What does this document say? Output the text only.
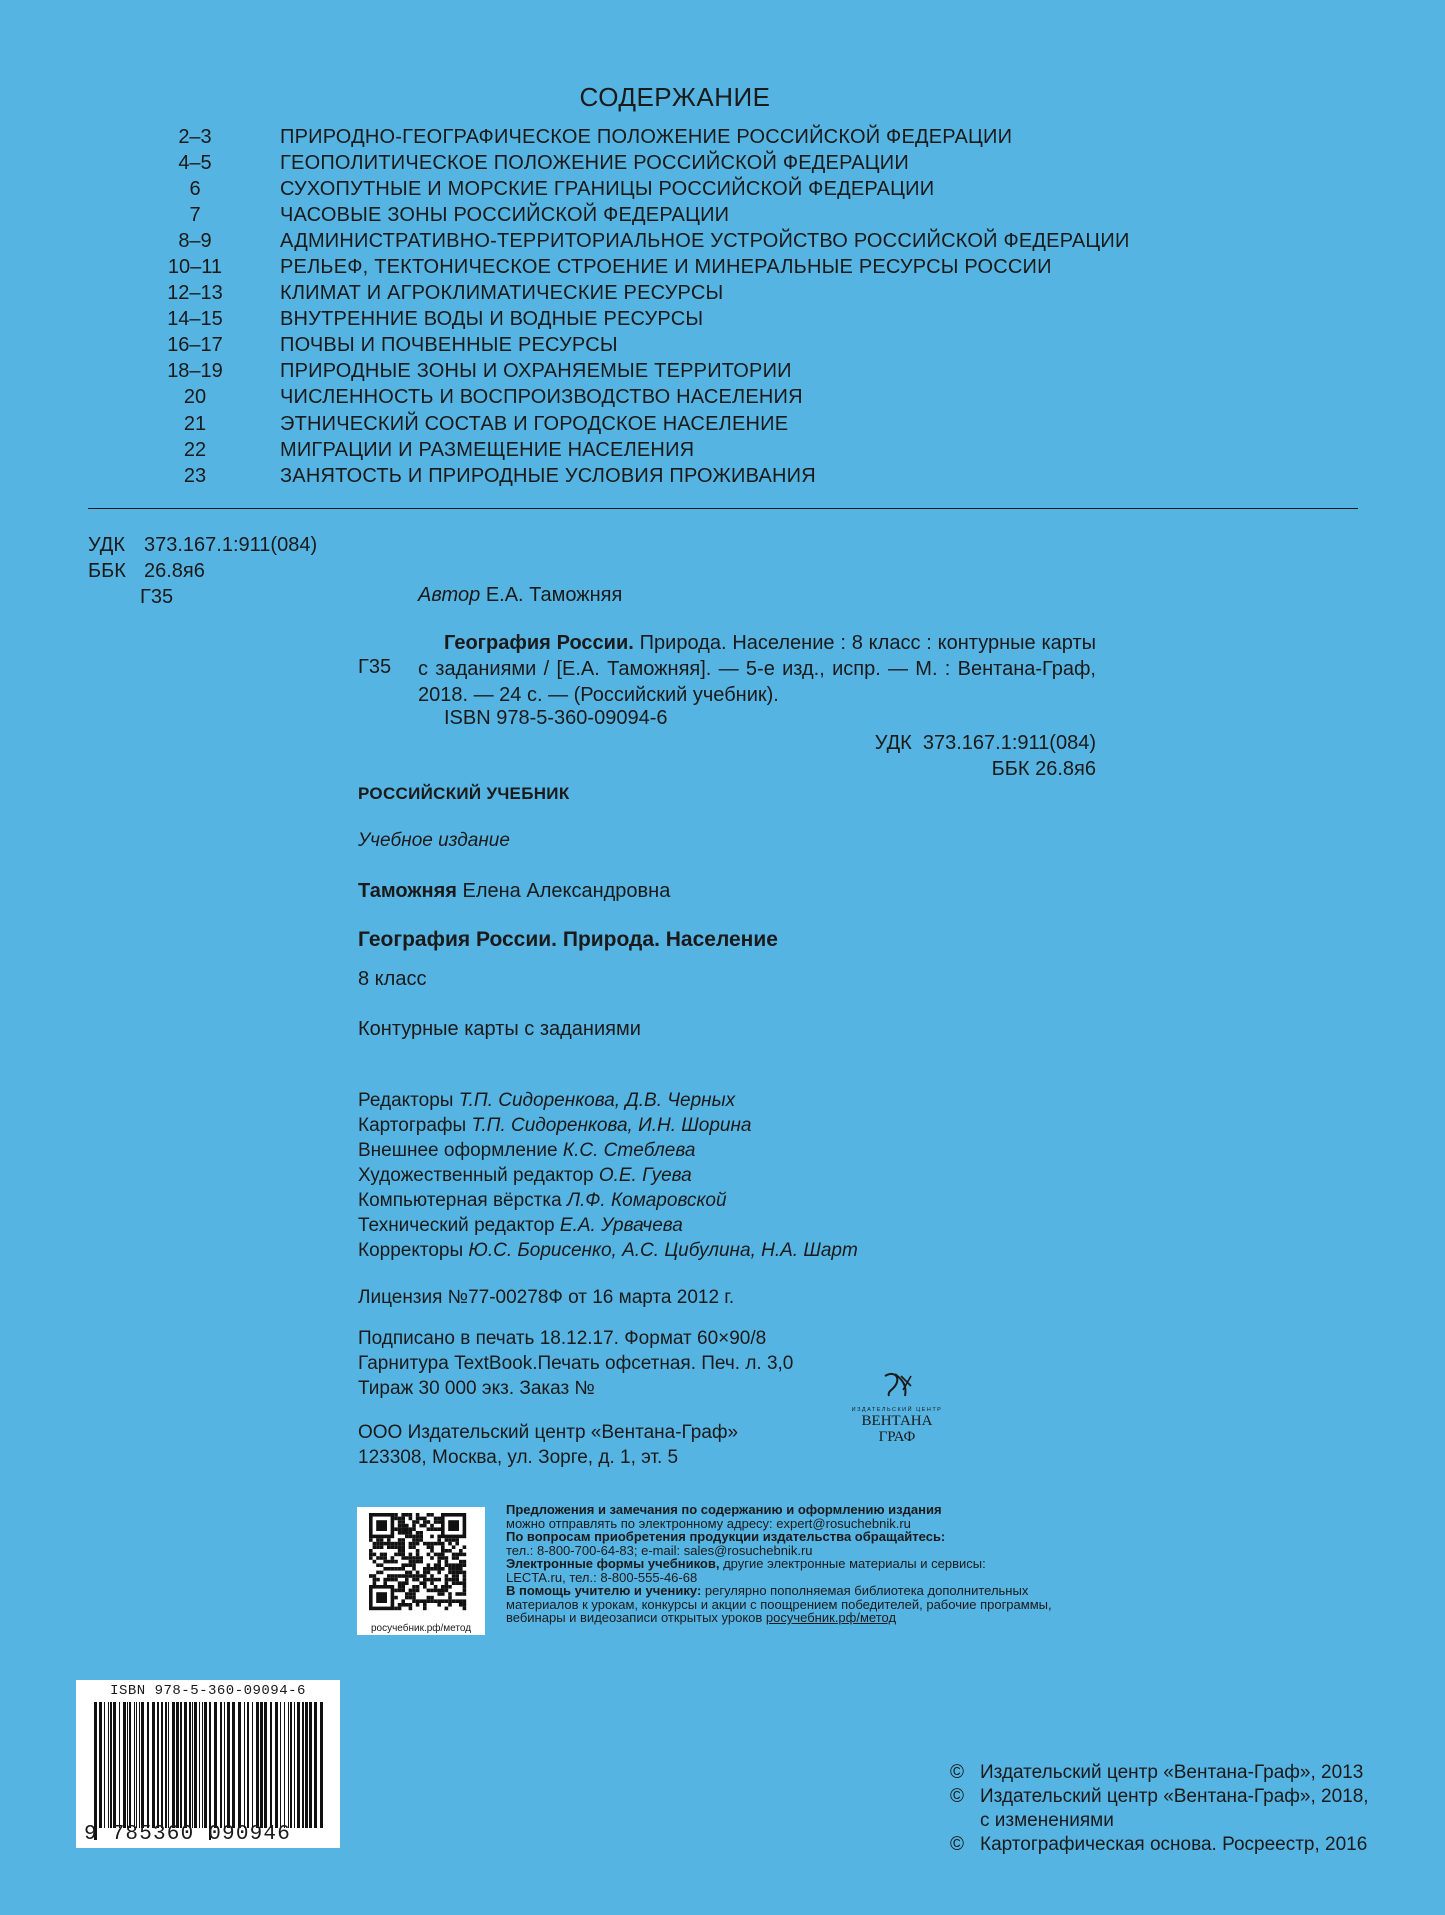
СОДЕРЖАНИЕ
2–3	ПРИРОДНО-ГЕОГРАФИЧЕСКОЕ ПОЛОЖЕНИЕ РОССИЙСКОЙ ФЕДЕРАЦИИ
4–5	ГЕОПОЛИТИЧЕСКОЕ ПОЛОЖЕНИЕ РОССИЙСКОЙ ФЕДЕРАЦИИ
6	СУХОПУТНЫЕ И МОРСКИЕ ГРАНИЦЫ РОССИЙСКОЙ ФЕДЕРАЦИИ
7	ЧАСОВЫЕ ЗОНЫ РОССИЙСКОЙ ФЕДЕРАЦИИ
8–9	АДМИНИСТРАТИВНО-ТЕРРИТОРИАЛЬНОЕ УСТРОЙСТВО РОССИЙСКОЙ ФЕДЕРАЦИИ
10–11	РЕЛЬЕФ, ТЕКТОНИЧЕСКОЕ СТРОЕНИЕ И МИНЕРАЛЬНЫЕ РЕСУРСЫ РОССИИ
12–13	КЛИМАТ И АГРОКЛИМАТИЧЕСКИЕ РЕСУРСЫ
14–15	ВНУТРЕННИЕ ВОДЫ И ВОДНЫЕ РЕСУРСЫ
16–17	ПОЧВЫ И ПОЧВЕННЫЕ РЕСУРСЫ
18–19	ПРИРОДНЫЕ ЗОНЫ И ОХРАНЯЕМЫЕ ТЕРРИТОРИИ
20	ЧИСЛЕННОСТЬ И ВОСПРОИЗВОДСТВО НАСЕЛЕНИЯ
21	ЭТНИЧЕСКИЙ СОСТАВ И ГОРОДСКОЕ НАСЕЛЕНИЕ
22	МИГРАЦИИ И РАЗМЕЩЕНИЕ НАСЕЛЕНИЯ
23	ЗАНЯТОСТЬ И ПРИРОДНЫЕ УСЛОВИЯ ПРОЖИВАНИЯ
УДК 373.167.1:911(084)
ББК 26.8я6
Г35	Автор Е.А. Таможняя
Г35
География России. Природа. Население : 8 класс : контурные карты с заданиями / [Е.А. Таможняя]. — 5-е изд., испр. — М. : Вентана-Граф, 2018. — 24 с. — (Российский учебник).
ISBN 978-5-360-09094-6
УДК  373.167.1:911(084)
ББК 26.8я6
РОССИЙСКИЙ УЧЕБНИК
Учебное издание
Таможняя Елена Александровна
География России. Природа. Население
8 класс
Контурные карты с заданиями
Редакторы Т.П. Сидоренкова, Д.В. Черных
Картографы Т.П. Сидоренкова, И.Н. Шорина
Внешнее оформление К.С. Стеблева
Художественный редактор О.Е. Гуева
Компьютерная вёрстка Л.Ф. Комаровской
Технический редактор Е.А. Урвачева
Корректоры Ю.С. Борисенко, А.С. Цибулина, Н.А. Шарт
Лицензия №77-00278Ф от 16 марта 2012 г.
Подписано в печать 18.12.17. Формат 60×90/8
Гарнитура TextBook.Печать офсетная. Печ. л. 3,0
Тираж 30 000 экз. Заказ №
ООО Издательский центр «Вентана-Граф»
123308, Москва, ул. Зорге, д. 1, эт. 5
ИЗДАТЕЛЬСКИЙ ЦЕНТР
ВЕНТАНА
ГРАФ
росучебник.рф/метод
Предложения и замечания по содержанию и оформлению издания
можно отправлять по электронному адресу: expert@rosuchebnik.ru
По вопросам приобретения продукции издательства обращайтесь:
тел.: 8-800-700-64-83; e-mail: sales@rosuchebnik.ru
Электронные формы учебников, другие электронные материалы и сервисы:
LECTA.ru, тел.: 8-800-555-46-68
В помощь учителю и ученику: регулярно пополняемая библиотека дополнительных
материалов к урокам, конкурсы и акции с поощрением победителей, рабочие программы,
вебинары и видеозаписи открытых уроков росучебник.рф/метод
ISBN 978-5-360-09094-6
9 785360 090946
© Издательский центр «Вентана-Граф», 2013
© Издательский центр «Вентана-Граф», 2018,
с изменениями
© Картографическая основа. Росреестр, 2016
